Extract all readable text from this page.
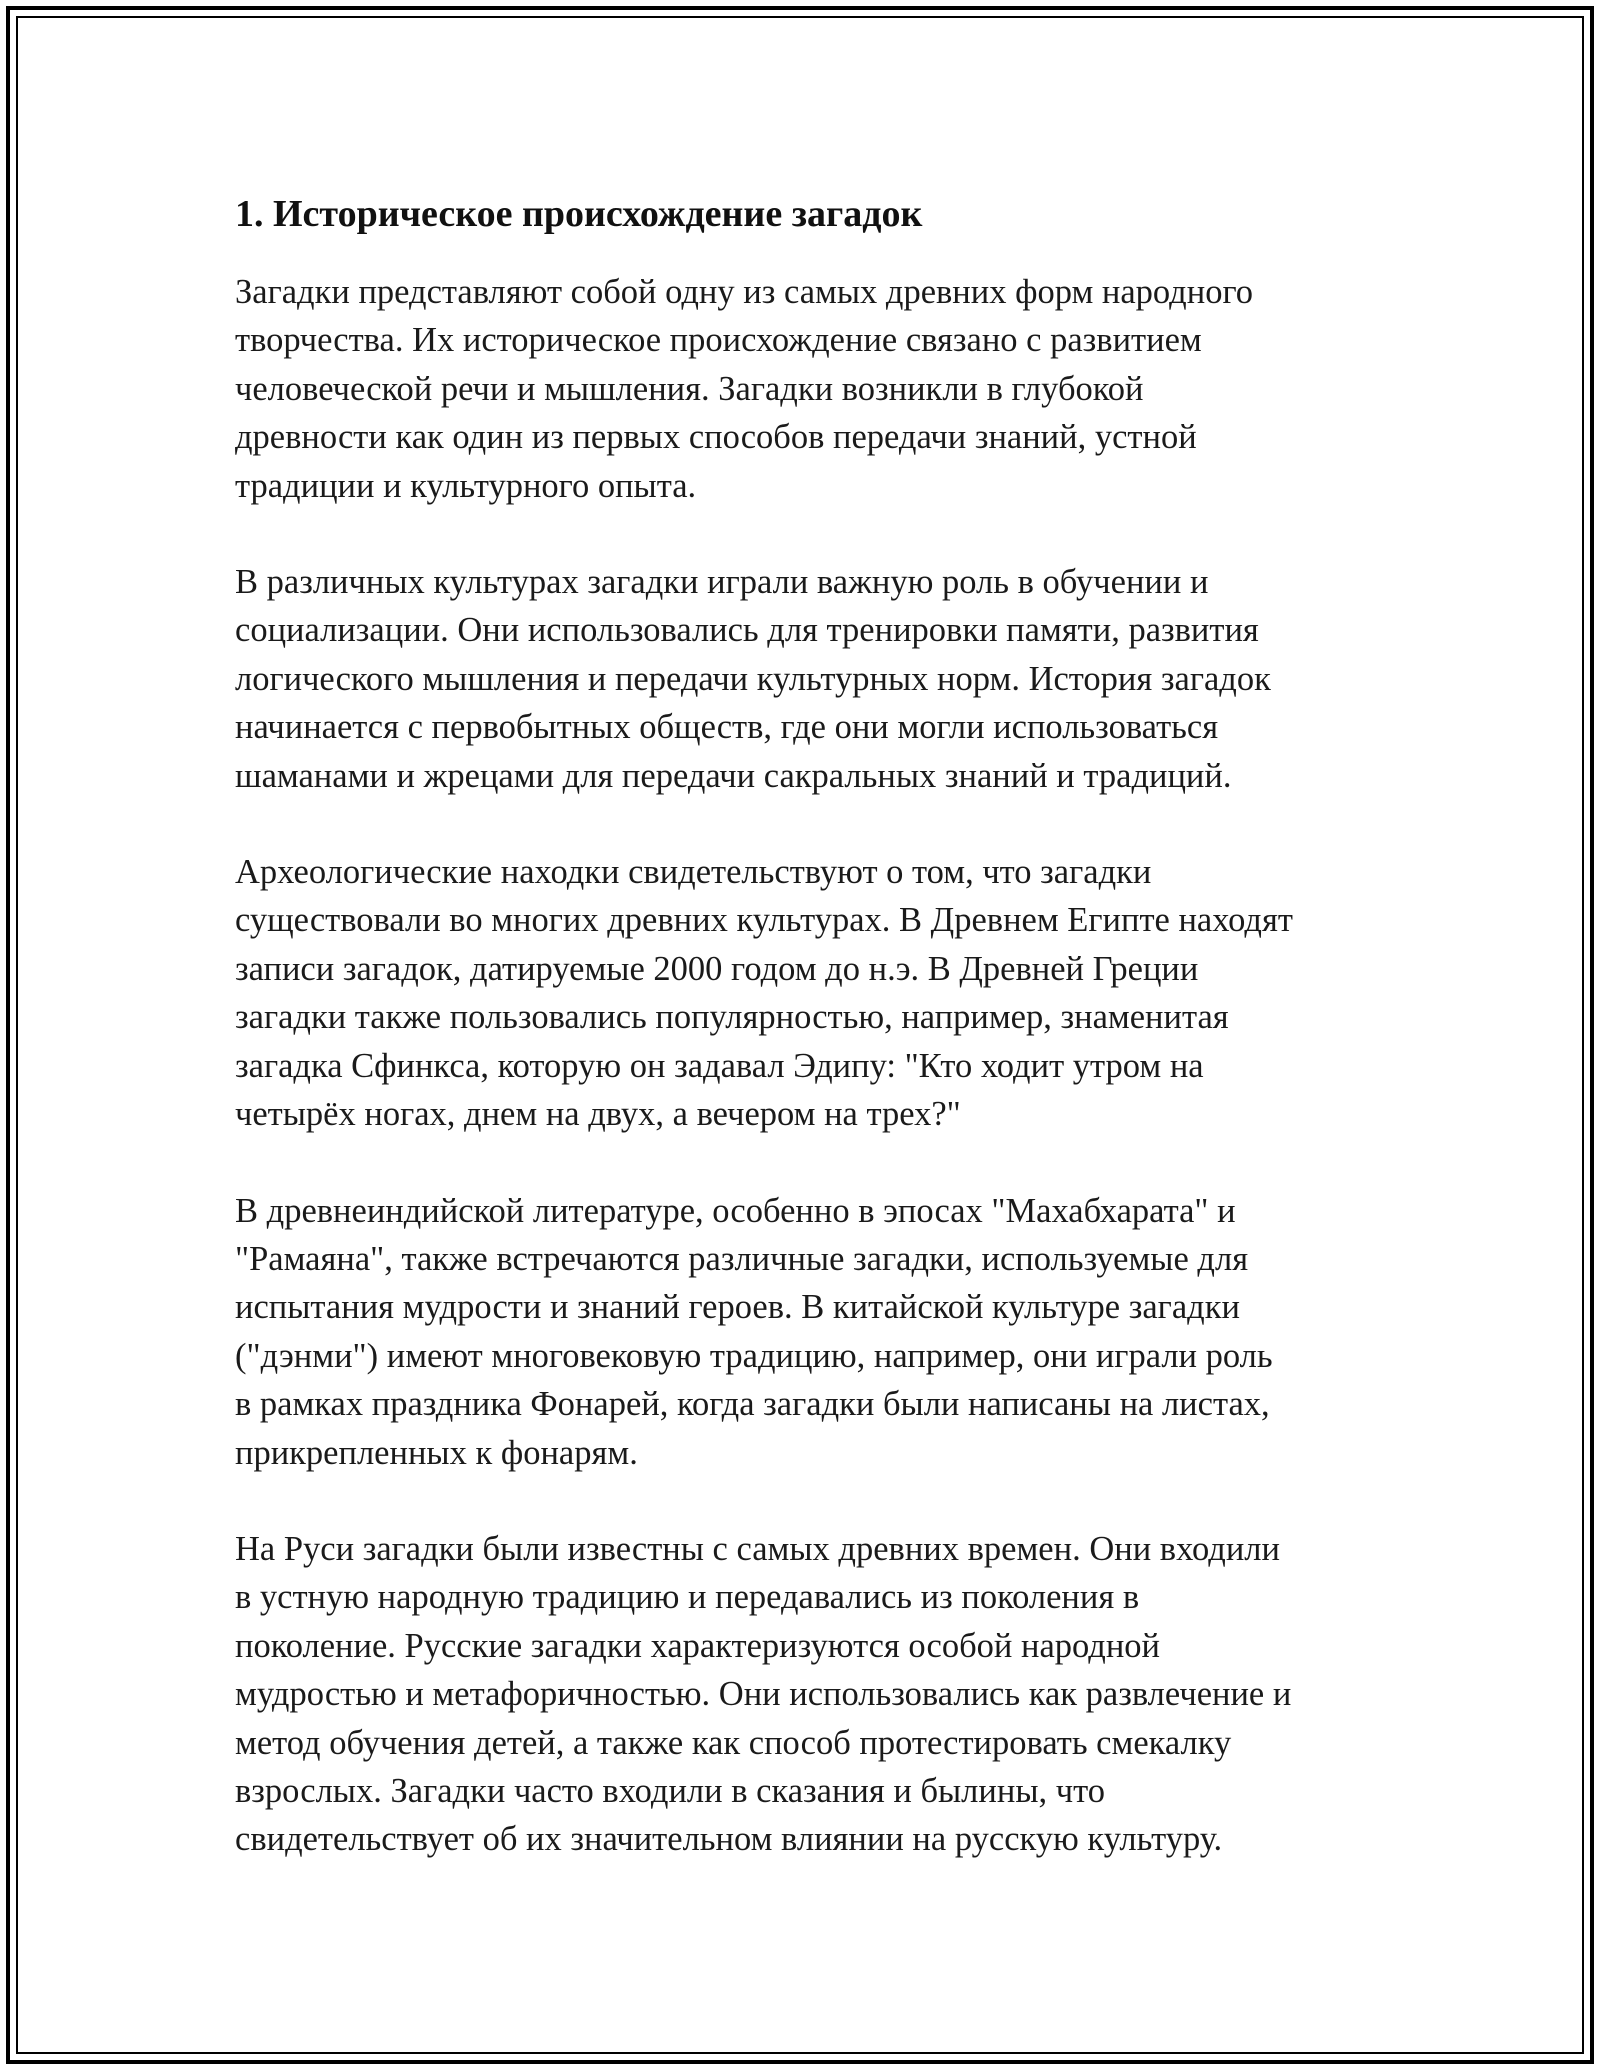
1. Историческое происхождение загадок

Загадки представляют собой одну из самых древних форм народного
творчества. Их историческое происхождение связано с развитием
человеческой речи и мышления. Загадки возникли в глубокой
древности как один из первых способов передачи знаний, устной
традиции и культурного опыта.

В различных культурах загадки играли важную роль в обучении и
социализации. Они использовались для тренировки памяти, развития
логического мышления и передачи культурных норм. История загадок
начинается с первобытных обществ, где они могли использоваться
шаманами и жрецами для передачи сакральных знаний и традиций.

Археологические находки свидетельствуют о том, что загадки
существовали во многих древних культурах. В Древнем Египте находят
записи загадок, датируемые 2000 годом до н.э. В Древней Греции
загадки также пользовались популярностью, например, знаменитая
загадка Сфинкса, которую он задавал Эдипу: "Кто ходит утром на
четырёх ногах, днем на двух, а вечером на трех?"

В древнеиндийской литературе, особенно в эпосах "Махабхарата" и
"Рамаяна", также встречаются различные загадки, используемые для
испытания мудрости и знаний героев. В китайской культуре загадки
("дэнми") имеют многовековую традицию, например, они играли роль
в рамках праздника Фонарей, когда загадки были написаны на листах,
прикрепленных к фонарям.

На Руси загадки были известны с самых древних времен. Они входили
в устную народную традицию и передавались из поколения в
поколение. Русские загадки характеризуются особой народной
мудростью и метафоричностью. Они использовались как развлечение и
метод обучения детей, а также как способ протестировать смекалку
взрослых. Загадки часто входили в сказания и былины, что
свидетельствует об их значительном влиянии на русскую культуру.
